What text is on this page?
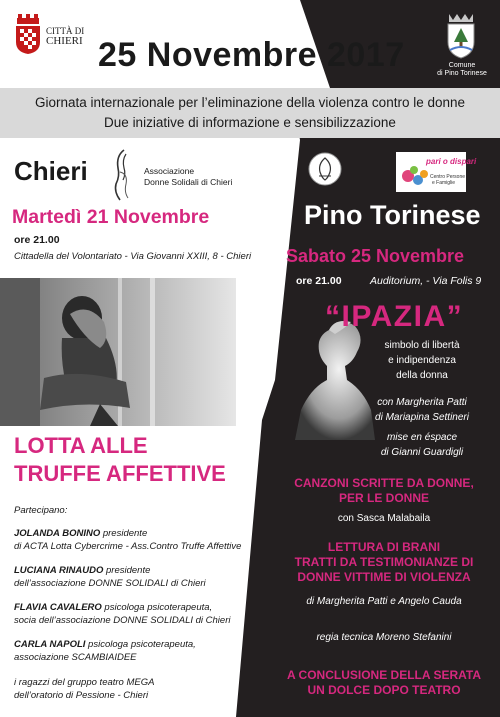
CITTÀ DI
CHIERI 25 Novembre 2017	Comune
di Pino Torinese
Giornata internazionale per l’eliminazione della violenza contro le donne
Due iniziative di informazione e sensibilizzazione
Chieri	Associazione
Donne Solidali di Chieri
Martedì 21 Novembre
ore 21.00
Cittadella del Volontariato - Via Giovanni XXIII, 8 - Chieri
LOTTA ALLE
TRUFFE AFFETTIVE
Partecipano:
JOLANDA BONINO presidente
di ACTA Lotta Cybercrime - Ass.Contro Truffe Affettive
LUCIANA RINAUDO presidente
dell’associazione DONNE SOLIDALI di Chieri
FLAVIA CAVALERO psicologa psicoterapeuta,
socia dell’associazione DONNE SOLIDALI di Chieri
CARLA NAPOLI psicologa psicoterapeuta,
associazione SCAMBIAIDEE
i ragazzi del gruppo teatro MEGA
dell’oratorio di Pessione - Chieri
pari o dispari
Centro Persone
e Famiglie
Pino Torinese
Sabato 25 Novembre
ore 21.00	Auditorium, - Via Folis 9
“IPAZIA”
simbolo di libertà
e indipendenza
della donna
con Margherita Patti
di Mariapina Settineri
mise en éspace
di Gianni Guardigli
CANZONI SCRITTE DA DONNE,
PER LE DONNE
con Sasca Malabaila
LETTURA DI BRANI
TRATTI DA TESTIMONIANZE DI
DONNE VITTIME DI VIOLENZA
di Margherita Patti e Angelo Cauda
regia tecnica Moreno Stefanini
A CONCLUSIONE DELLA SERATA
UN DOLCE DOPO TEATRO
